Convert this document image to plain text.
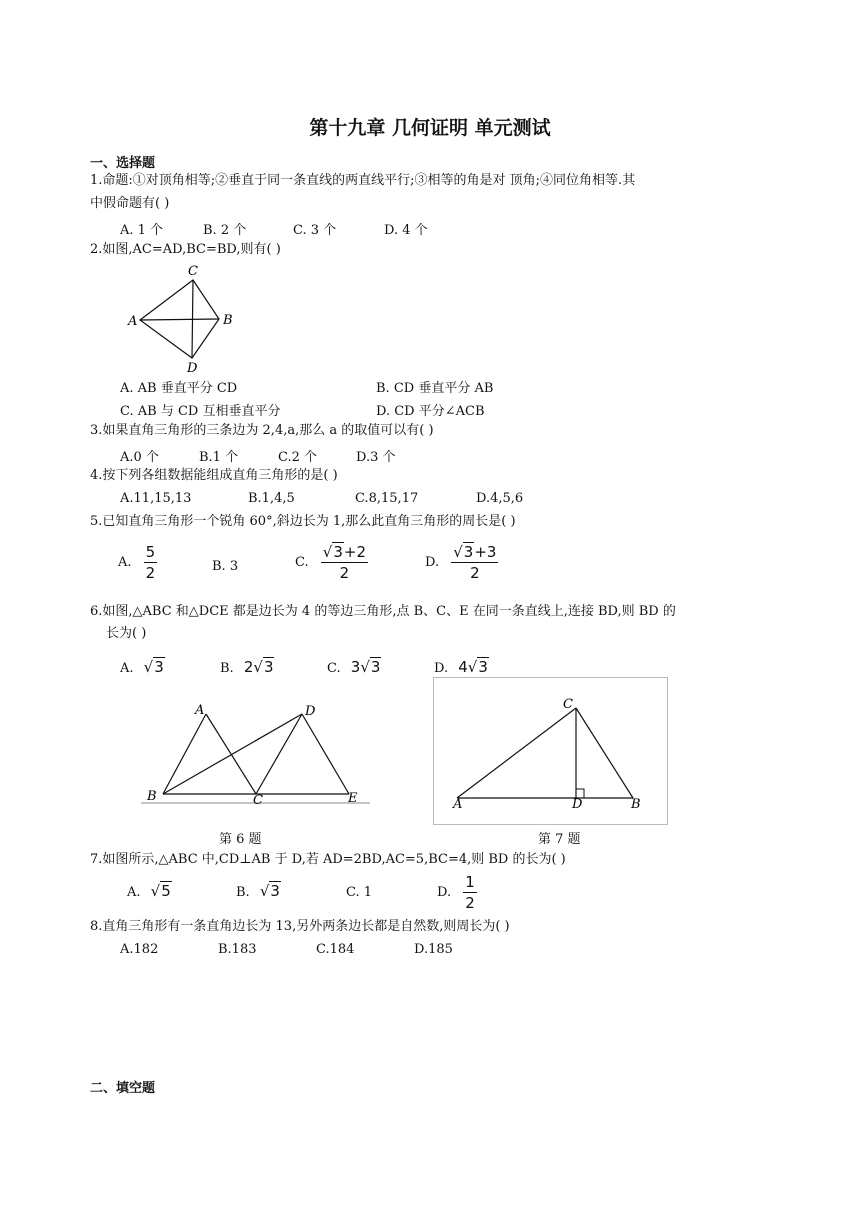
第十九章 几何证明 单元测试
一、选择题
1.命题:①对顶角相等;②垂直于同一条直线的两直线平行;③相等的角是对 顶角;④同位角相等.其
中假命题有( )
A. 1 个	B. 2 个	C. 3 个	D. 4 个
2.如图,AC=AD,BC=BD,则有( )
C
A	B
D
A. AB 垂直平分 CD	B. CD 垂直平分 AB
C. AB 与 CD 互相垂直平分	D. CD 平分∠ACB
3.如果直角三角形的三条边为 2,4,a,那么 a 的取值可以有( )
A.0 个	B.1 个	C.2 个	D.3 个
4.按下列各组数据能组成直角三角形的是( )
A.11,15,13	B.1,4,5	C.8,15,17	D.4,5,6
5.已知直角三角形一个锐角 60°,斜边长为 1,那么此直角三角形的周长是( )
A. $\frac{5}{2}$	B. 3	C. $\frac{√3+2}{2}$	D. $\frac{√3+3}{2}$
6.如图,△ABC 和△DCE 都是边长为 4 的等边三角形,点 B、C、E 在同一条直线上,连接 BD,则 BD 的
长为( )
A. √3	B. 2√3	C. 3√3	D. 4√3
A	D
B	C	E
C
A	D	B
第 6 题	第 7 题
7.如图所示,△ABC 中,CD⊥AB 于 D,若 AD=2BD,AC=5,BC=4,则 BD 的长为( )
A. √5	B. √3	C. 1	D. $\frac{1}{2}$
8.直角三角形有一条直角边长为 13,另外两条边长都是自然数,则周长为( )
A.182	B.183	C.184	D.185
二、填空题
